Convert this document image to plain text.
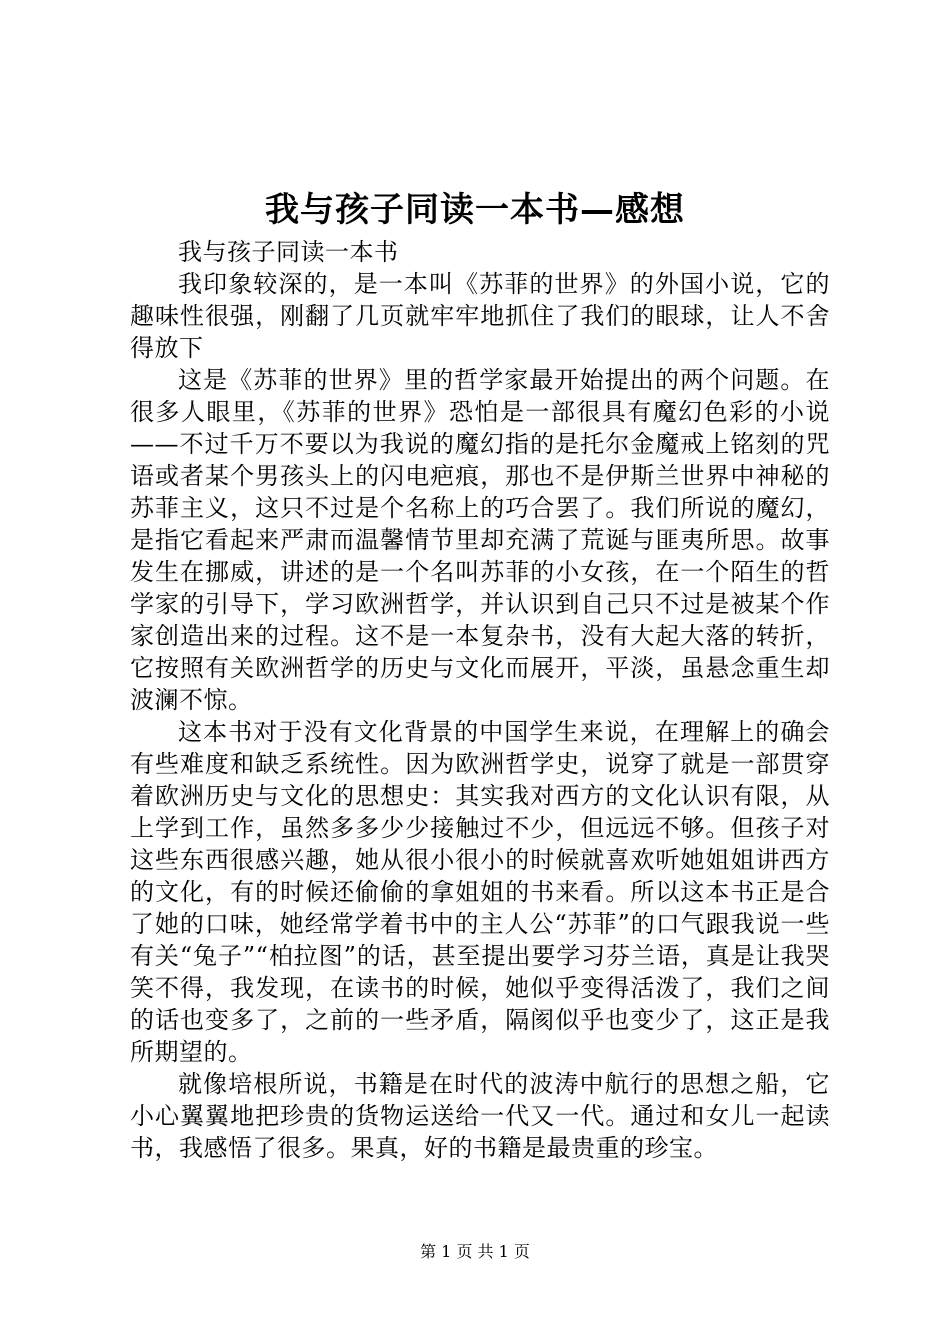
我与孩子同读一本书—感想

我与孩子同读一本书

我印象较深的，是一本叫《苏菲的世界》的外国小说，它的趣味性很强，刚翻了几页就牢牢地抓住了我们的眼球，让人不舍得放下

这是《苏菲的世界》里的哲学家最开始提出的两个问题。在很多人眼里，《苏菲的世界》恐怕是一部很具有魔幻色彩的小说——不过千万不要以为我说的魔幻指的是托尔金魔戒上铭刻的咒语或者某个男孩头上的闪电疤痕，那也不是伊斯兰世界中神秘的苏菲主义，这只不过是个名称上的巧合罢了。我们所说的魔幻，是指它看起来严肃而温馨情节里却充满了荒诞与匪夷所思。故事发生在挪威，讲述的是一个名叫苏菲的小女孩，在一个陌生的哲学家的引导下，学习欧洲哲学，并认识到自己只不过是被某个作家创造出来的过程。这不是一本复杂书，没有大起大落的转折，它按照有关欧洲哲学的历史与文化而展开，平淡，虽悬念重生却波澜不惊。

这本书对于没有文化背景的中国学生来说，在理解上的确会有些难度和缺乏系统性。因为欧洲哲学史，说穿了就是一部贯穿着欧洲历史与文化的思想史：其实我对西方的文化认识有限，从上学到工作，虽然多多少少接触过不少，但远远不够。但孩子对这些东西很感兴趣，她从很小很小的时候就喜欢听她姐姐讲西方的文化，有的时候还偷偷的拿姐姐的书来看。所以这本书正是合了她的口味，她经常学着书中的主人公“苏菲”的口气跟我说一些有关“兔子”“柏拉图”的话，甚至提出要学习芬兰语，真是让我哭笑不得，我发现，在读书的时候，她似乎变得活泼了，我们之间的话也变多了，之前的一些矛盾，隔阂似乎也变少了，这正是我所期望的。

就像培根所说，书籍是在时代的波涛中航行的思想之船，它小心翼翼地把珍贵的货物运送给一代又一代。通过和女儿一起读书，我感悟了很多。果真，好的书籍是最贵重的珍宝。

第 1 页 共 1 页
